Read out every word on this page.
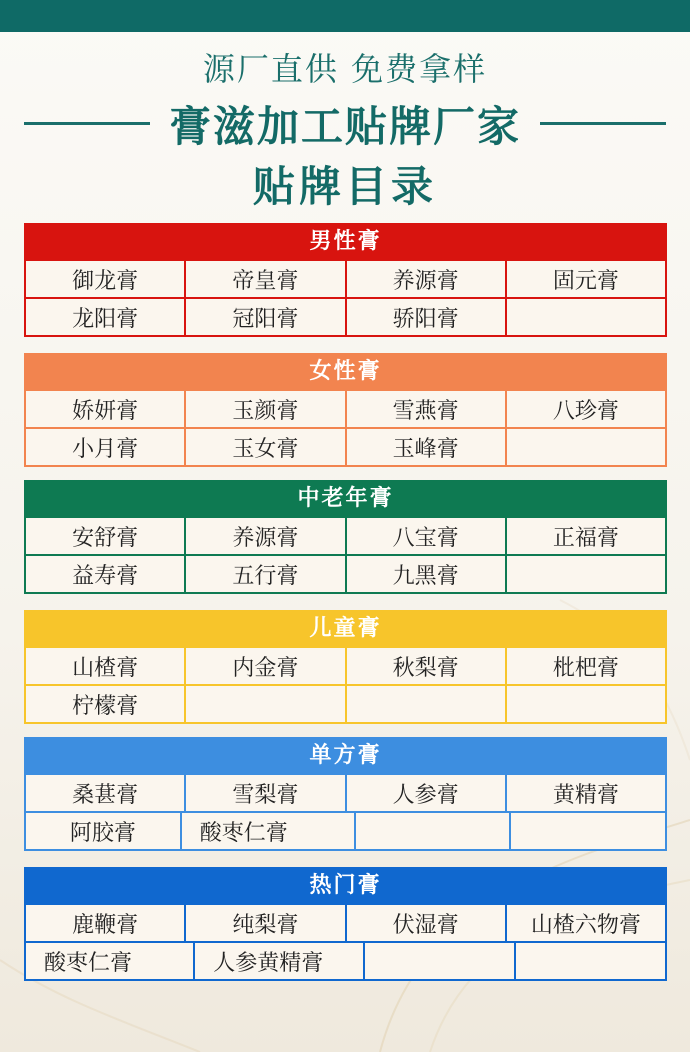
源厂直供 免费拿样
膏滋加工贴牌厂家
贴牌目录
男性膏
御龙膏	帝皇膏	养源膏	固元膏
龙阳膏	冠阳膏	骄阳膏
女性膏
娇妍膏	玉颜膏	雪燕膏	八珍膏
小月膏	玉女膏	玉峰膏
中老年膏
安舒膏	养源膏	八宝膏	正福膏
益寿膏	五行膏	九黑膏
儿童膏
山楂膏	内金膏	秋梨膏	枇杷膏
柠檬膏
单方膏
桑葚膏	雪梨膏	人参膏	黄精膏
阿胶膏	酸枣仁膏
热门膏
鹿鞭膏	纯梨膏	伏湿膏	山楂六物膏
酸枣仁膏	人参黄精膏
